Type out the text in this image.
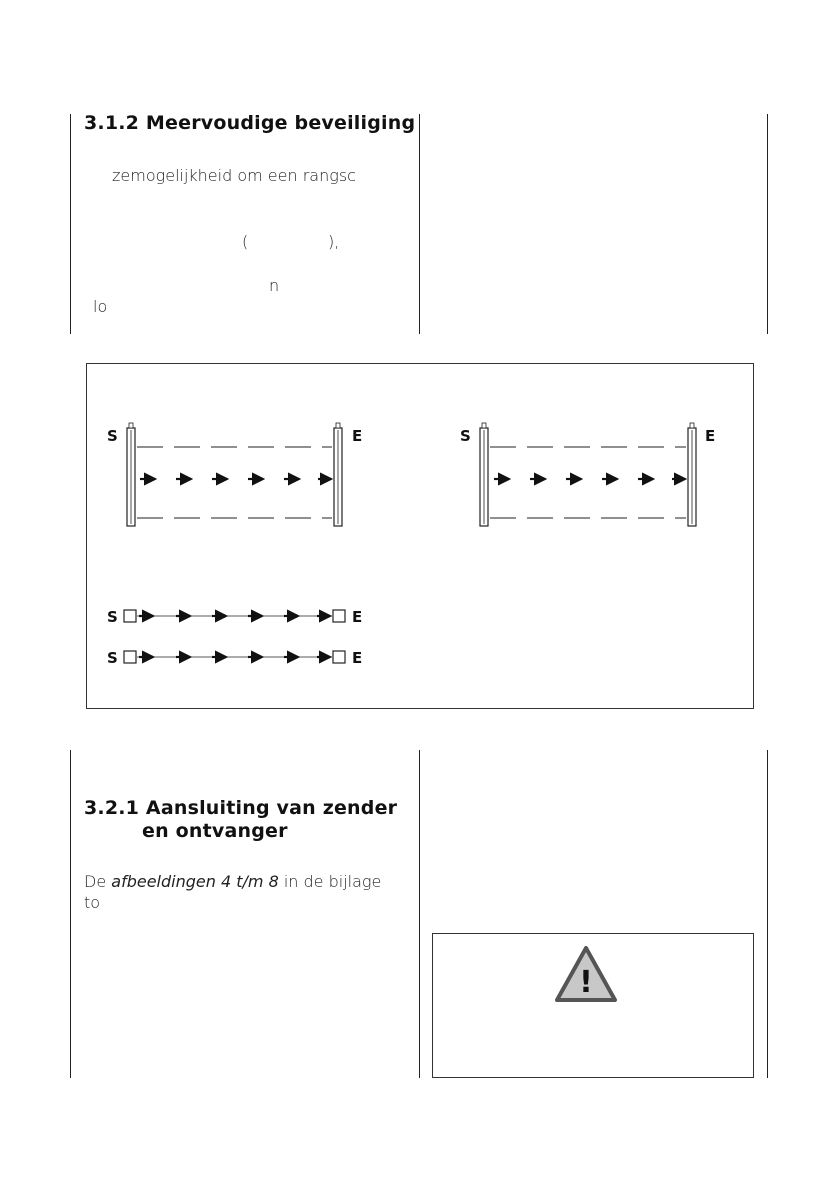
3.1.2 Meervoudige beveiliging
zemogelijkheid om een rangsc
(	),
n
lo
S	E	S	E
S	E
S	E
3.2.1 Aansluiting van zender
en ontvanger
De afbeeldingen 4 t/m 8 in de bijlage
to
!
